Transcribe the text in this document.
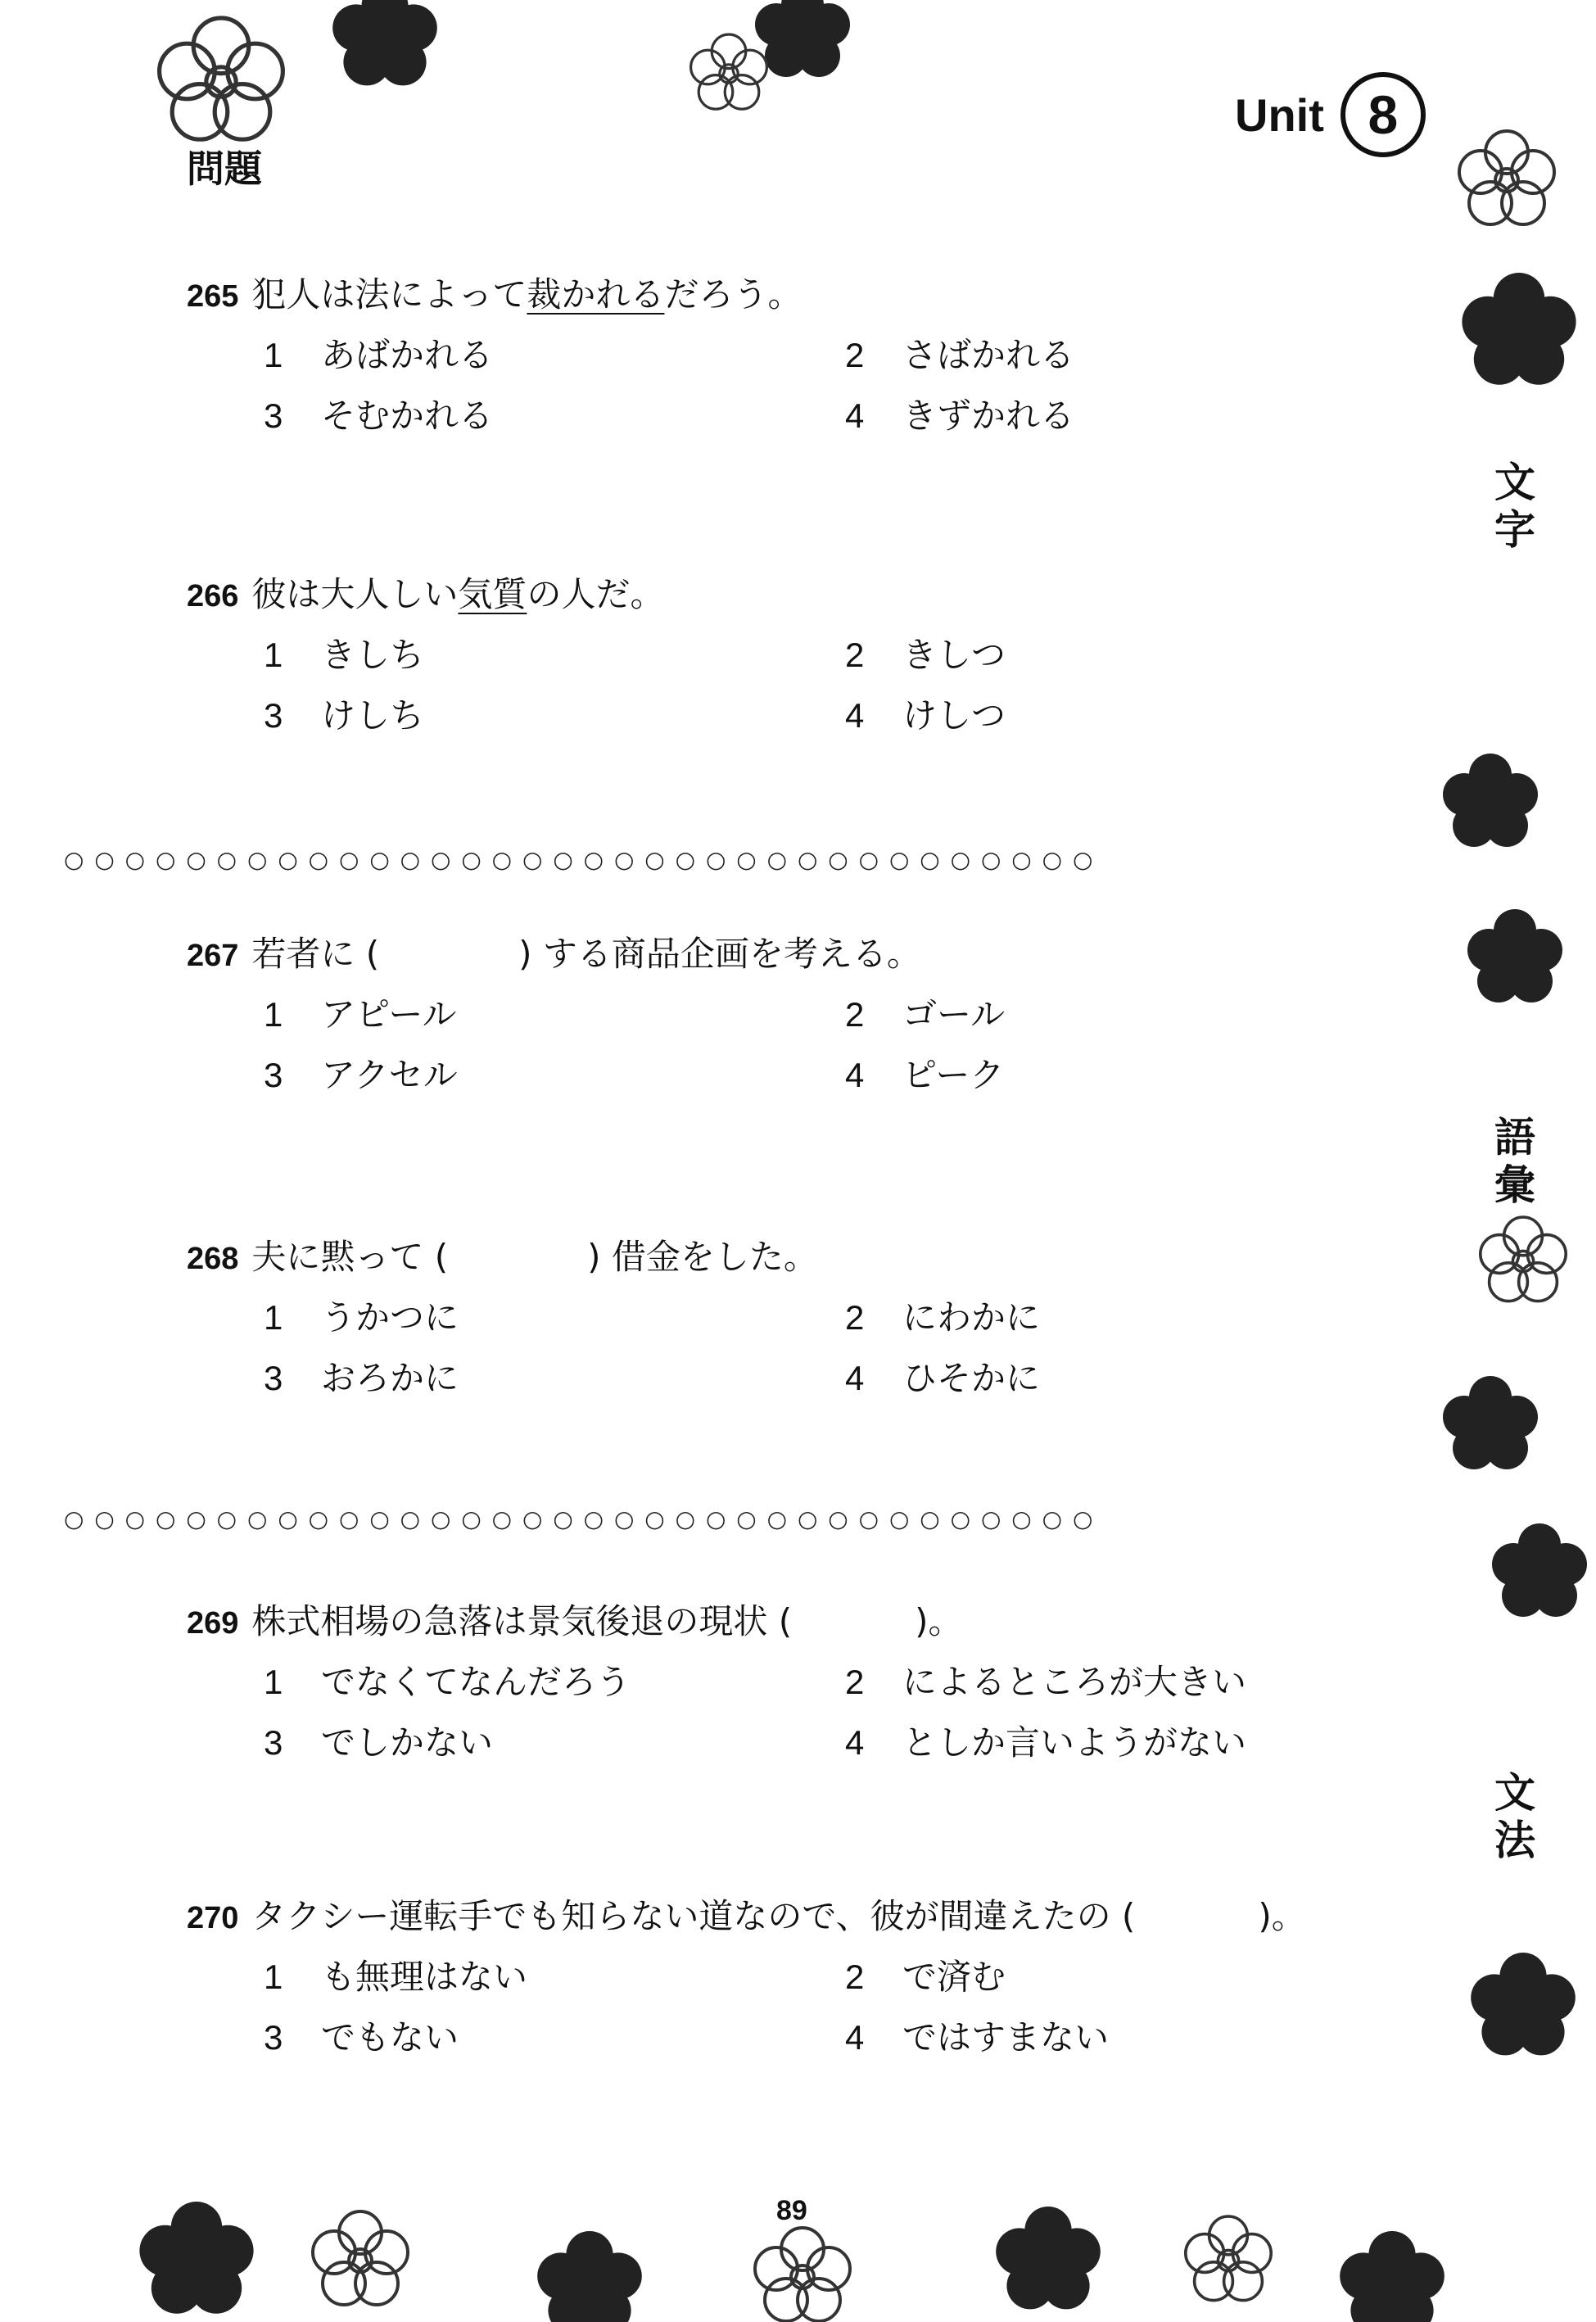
Unit 8
問題
文字
語彙
文法
265 犯人は法によって裁かれるだろう。
1 あばかれる	2 さばかれる
3 そむかれる	4 きずかれる
266 彼は大人しい気質の人だ。
1 きしち	2 きしつ
3 けしち	4 けしつ
○ ○ ○ ○ ○ ○ ○ ○ ○ ○ ○ ○ ○ ○ ○ ○ ○ ○ ○ ○ ○ ○ ○ ○ ○ ○ ○ ○ ○ ○ ○ ○ ○ ○
267 若者に (	) する商品企画を考える。
1 アピール	2 ゴール
3 アクセル	4 ピーク
268 夫に黙って (	) 借金をした。
1 うかつに	2 にわかに
3 おろかに	4 ひそかに
○ ○ ○ ○ ○ ○ ○ ○ ○ ○ ○ ○ ○ ○ ○ ○ ○ ○ ○ ○ ○ ○ ○ ○ ○ ○ ○ ○ ○ ○ ○ ○ ○ ○
269 株式相場の急落は景気後退の現状 (	)。
1 でなくてなんだろう	2 によるところが大きい
3 でしかない	4 としか言いようがない
270 タクシー運転手でも知らない道なので、彼が間違えたの (	)。
1 も無理はない	2 で済む
3 でもない	4 ではすまない
89
